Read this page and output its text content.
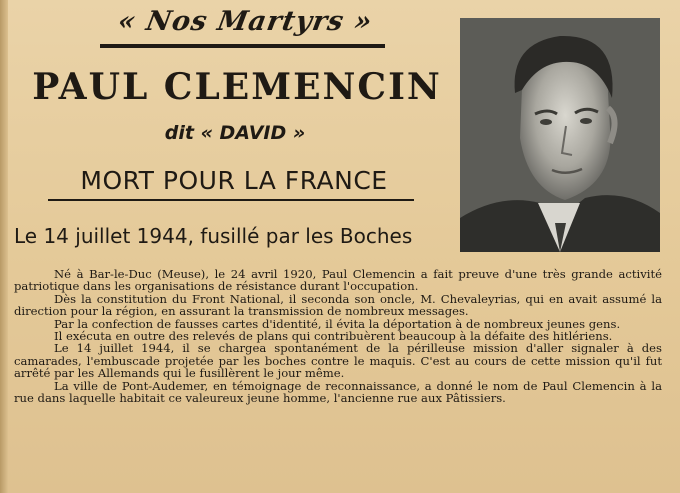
« Nos Martyrs »
PAUL CLEMENCIN
dit « DAVID »
MORT POUR LA FRANCE
Le 14 juillet 1944, fusillé par les Boches

Né à Bar-le-Duc (Meuse), le 24 avril 1920, Paul Clemencin a fait preuve d'une très grande activité patriotique dans les organisations de résistance durant l'occupation.

Dès la constitution du Front National, il seconda son oncle, M. Chevaleyrias, qui en avait assumé la direction pour la région, en assurant la transmission de nombreux messages.

Par la confection de fausses cartes d'identité, il évita la déportation à de nombreux jeunes gens.

Il exécuta en outre des relevés de plans qui contribuèrent beaucoup à la défaite des hitlériens.

Le 14 juillet 1944, il se chargea spontanément de la périlleuse mission d'aller signaler à des camarades, l'embuscade projetée par les boches contre le maquis. C'est au cours de cette mission qu'il fut arrêté par les Allemands qui le fusillèrent le jour même.

La ville de Pont-Audemer, en témoignage de reconnaissance, a donné le nom de Paul Clemencin à la rue dans laquelle habitait ce valeureux jeune homme, l'ancienne rue aux Pâtissiers.
